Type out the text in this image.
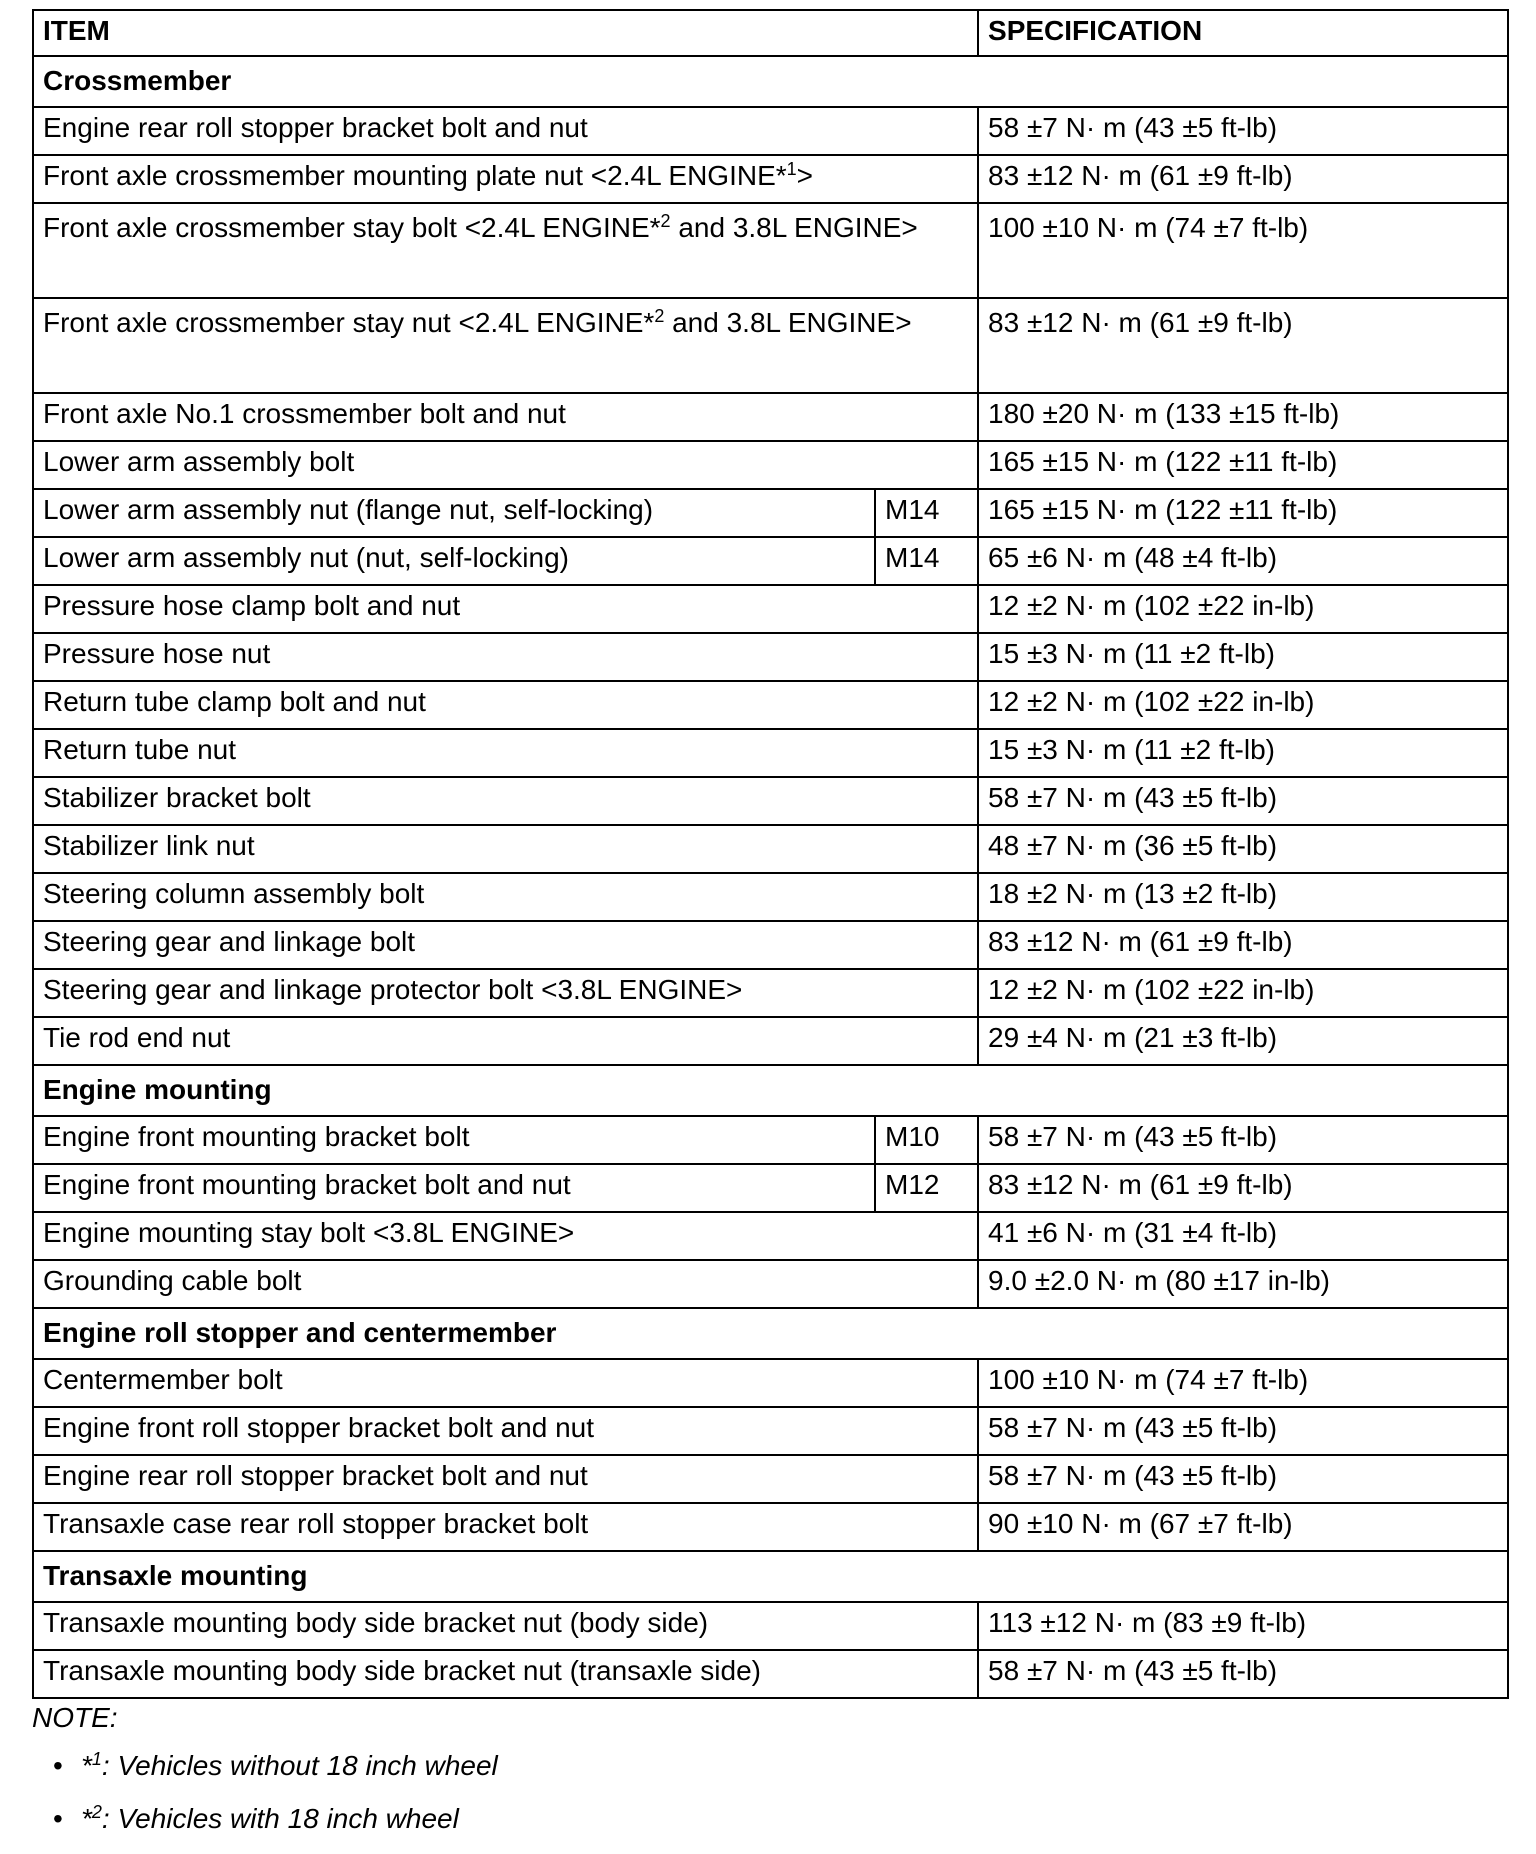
ITEM		SPECIFICATION
Crossmember		
Engine rear roll stopper bracket bolt and nut		58 ±7 N· m (43 ±5 ft-lb)
Front axle crossmember mounting plate nut <2.4L ENGINE*$^1$>		83 ±12 N· m (61 ±9 ft-lb)
Front axle crossmember stay bolt <2.4L ENGINE*$^2$ and 3.8L ENGINE>		100 ±10 N· m (74 ±7 ft-lb)
Front axle crossmember stay nut <2.4L ENGINE*$^2$ and 3.8L ENGINE>		83 ±12 N· m (61 ±9 ft-lb)
Front axle No.1 crossmember bolt and nut		180 ±20 N· m (133 ±15 ft-lb)
Lower arm assembly bolt		165 ±15 N· m (122 ±11 ft-lb)
Lower arm assembly nut (flange nut, self-locking)	M14	165 ±15 N· m (122 ±11 ft-lb)
Lower arm assembly nut (nut, self-locking)	M14	65 ±6 N· m (48 ±4 ft-lb)
Pressure hose clamp bolt and nut		12 ±2 N· m (102 ±22 in-lb)
Pressure hose nut		15 ±3 N· m (11 ±2 ft-lb)
Return tube clamp bolt and nut		12 ±2 N· m (102 ±22 in-lb)
Return tube nut		15 ±3 N· m (11 ±2 ft-lb)
Stabilizer bracket bolt		58 ±7 N· m (43 ±5 ft-lb)
Stabilizer link nut		48 ±7 N· m (36 ±5 ft-lb)
Steering column assembly bolt		18 ±2 N· m (13 ±2 ft-lb)
Steering gear and linkage bolt		83 ±12 N· m (61 ±9 ft-lb)
Steering gear and linkage protector bolt <3.8L ENGINE>		12 ±2 N· m (102 ±22 in-lb)
Tie rod end nut		29 ±4 N· m (21 ±3 ft-lb)
Engine mounting		
Engine front mounting bracket bolt	M10	58 ±7 N· m (43 ±5 ft-lb)
Engine front mounting bracket bolt and nut	M12	83 ±12 N· m (61 ±9 ft-lb)
Engine mounting stay bolt <3.8L ENGINE>		41 ±6 N· m (31 ±4 ft-lb)
Grounding cable bolt		9.0 ±2.0 N· m (80 ±17 in-lb)
Engine roll stopper and centermember		
Centermember bolt		100 ±10 N· m (74 ±7 ft-lb)
Engine front roll stopper bracket bolt and nut		58 ±7 N· m (43 ±5 ft-lb)
Engine rear roll stopper bracket bolt and nut		58 ±7 N· m (43 ±5 ft-lb)
Transaxle case rear roll stopper bracket bolt		90 ±10 N· m (67 ±7 ft-lb)
Transaxle mounting		
Transaxle mounting body side bracket nut (body side)		113 ±12 N· m (83 ±9 ft-lb)
Transaxle mounting body side bracket nut (transaxle side)		58 ±7 N· m (43 ±5 ft-lb)
NOTE:
• *$^1$: Vehicles without 18 inch wheel
• *$^2$: Vehicles with 18 inch wheel
